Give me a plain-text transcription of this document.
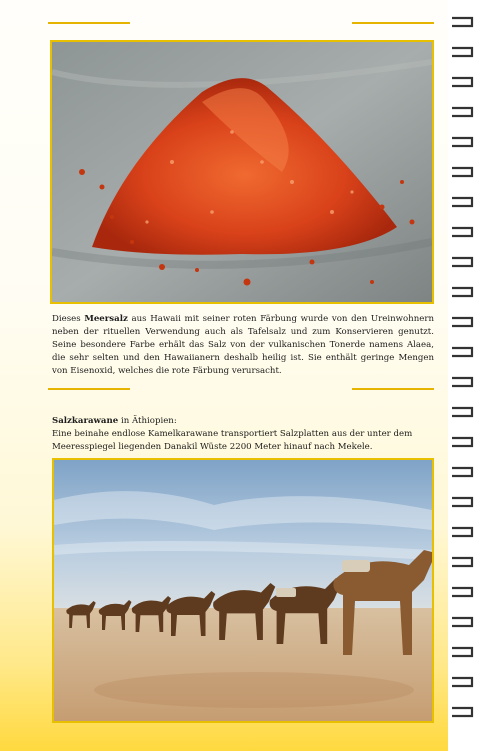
Dieses Meersalz aus Hawaii mit seiner roten Färbung wurde von den Ureinwohnern neben der rituellen Verwendung auch als Tafelsalz und zum Konservieren genutzt. Seine besondere Farbe erhält das Salz von der vulkanischen Tonerde namens Alaea, die sehr selten und den Hawaiianern deshalb heilig ist. Sie enthält geringe Mengen von Eisenoxid, welches die rote Färbung verursacht.
Salzkarawane in Äthiopien:
Eine beinahe endlose Kamelkarawane transportiert Salzplatten aus der unter dem Meeresspiegel liegenden Danakil Wüste 2200 Meter hinauf nach Mekele.
